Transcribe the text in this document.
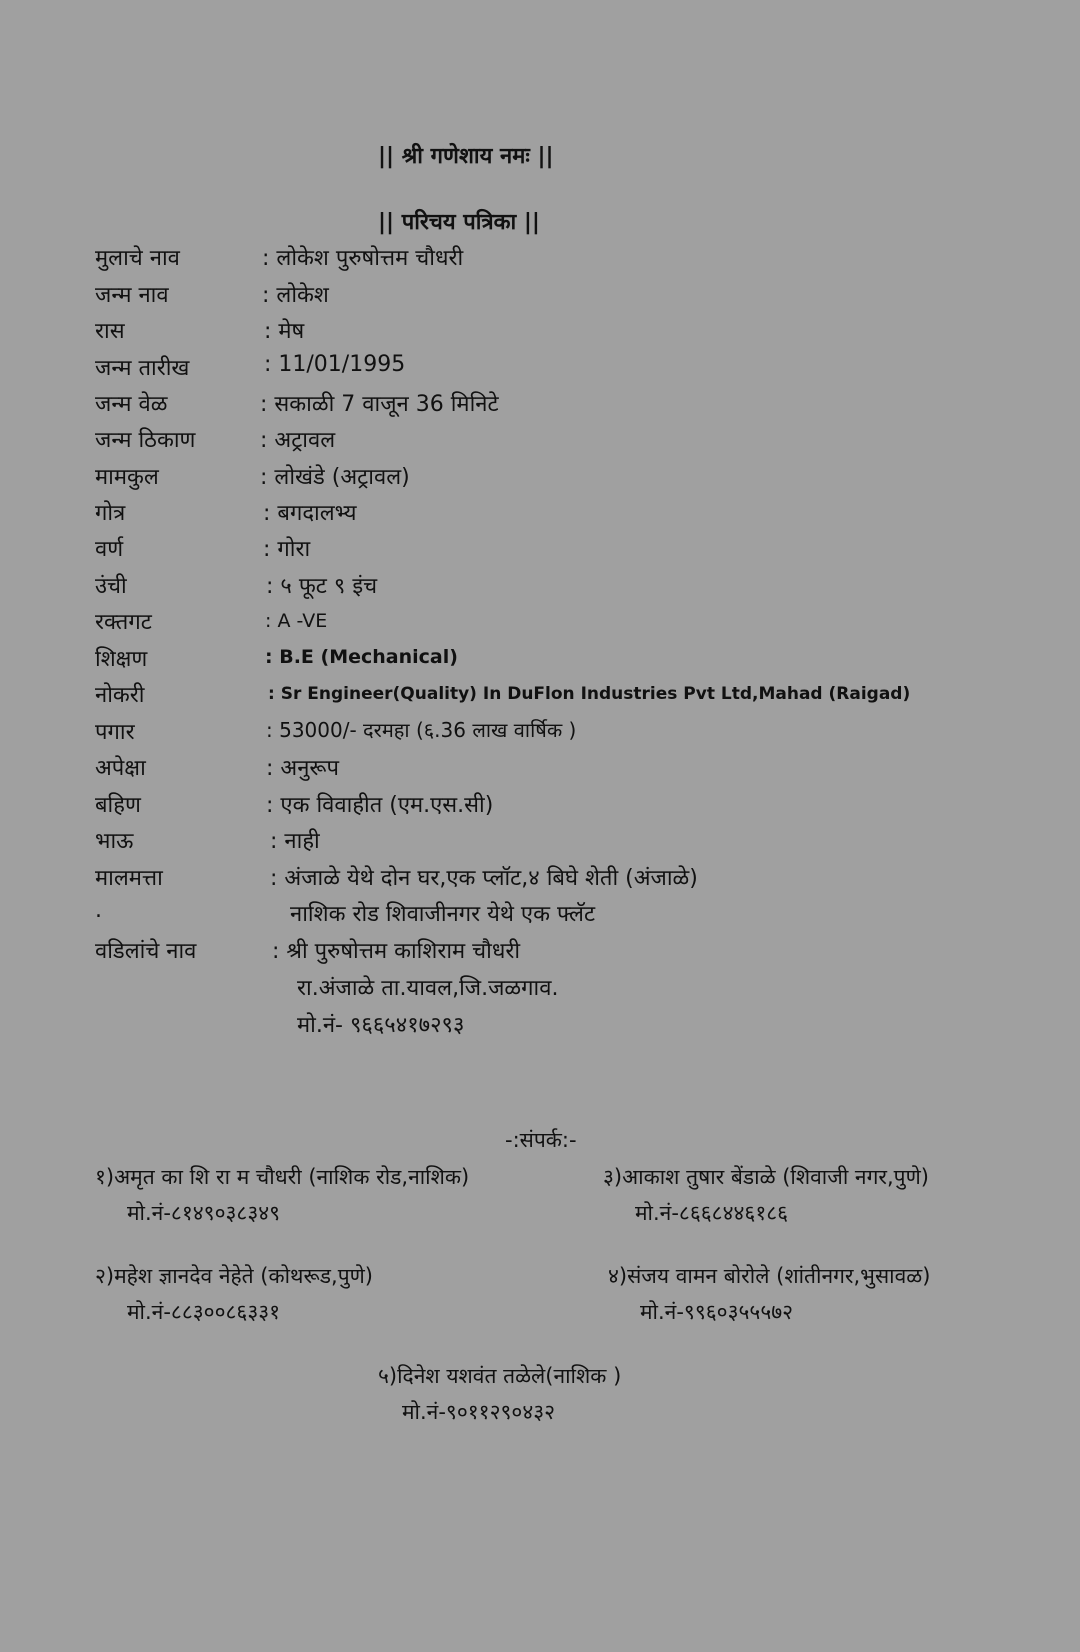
|| श्री गणेशाय नमः ||
|| परिचय पत्रिका ||
मुलाचे नाव	: लोकेश पुरुषोत्तम चौधरी
जन्म नाव	: लोकेश
रास	: मेष
जन्म तारीख	: 11/01/1995
जन्म वेळ	: सकाळी 7 वाजून 36 मिनिटे
जन्म ठिकाण	: अट्रावल
मामकुल	: लोखंडे (अट्रावल)
गोत्र	: बगदालभ्य
वर्ण	: गोरा
उंची	: ५ फूट ९ इंच
रक्तगट	: A -VE
शिक्षण	: B.E (Mechanical)
नोकरी	: Sr Engineer(Quality) In DuFlon Industries Pvt Ltd,Mahad (Raigad)
पगार	: 53000/- दरमहा (६.36 लाख वार्षिक )
अपेक्षा	: अनुरूप
बहिण	: एक विवाहीत (एम.एस.सी)
भाऊ	: नाही
मालमत्ता	: अंजाळे येथे दोन घर,एक प्लॉट,४ बिघे शेती (अंजाळे)
.	नाशिक रोड शिवाजीनगर येथे एक फ्लॅट
वडिलांचे नाव	: श्री पुरुषोत्तम काशिराम चौधरी
रा.अंजाळे ता.यावल,जि.जळगाव.
मो.नं- ९६६५४१७२९३
-:संपर्क:-
१)अमृत का शि रा म चौधरी (नाशिक रोड,नाशिक)
मो.नं-८१४९०३८३४९
३)आकाश तुषार बेंडाळे (शिवाजी नगर,पुणे)
मो.नं-८६६८४४६१८६
२)महेश ज्ञानदेव नेहेते (कोथरूड,पुणे)
मो.नं-८८३००८६३३१
४)संजय वामन बोरोले (शांतीनगर,भुसावळ)
मो.नं-९९६०३५५५७२
५)दिनेश यशवंत तळेले(नाशिक )
मो.नं-९०११२९०४३२
